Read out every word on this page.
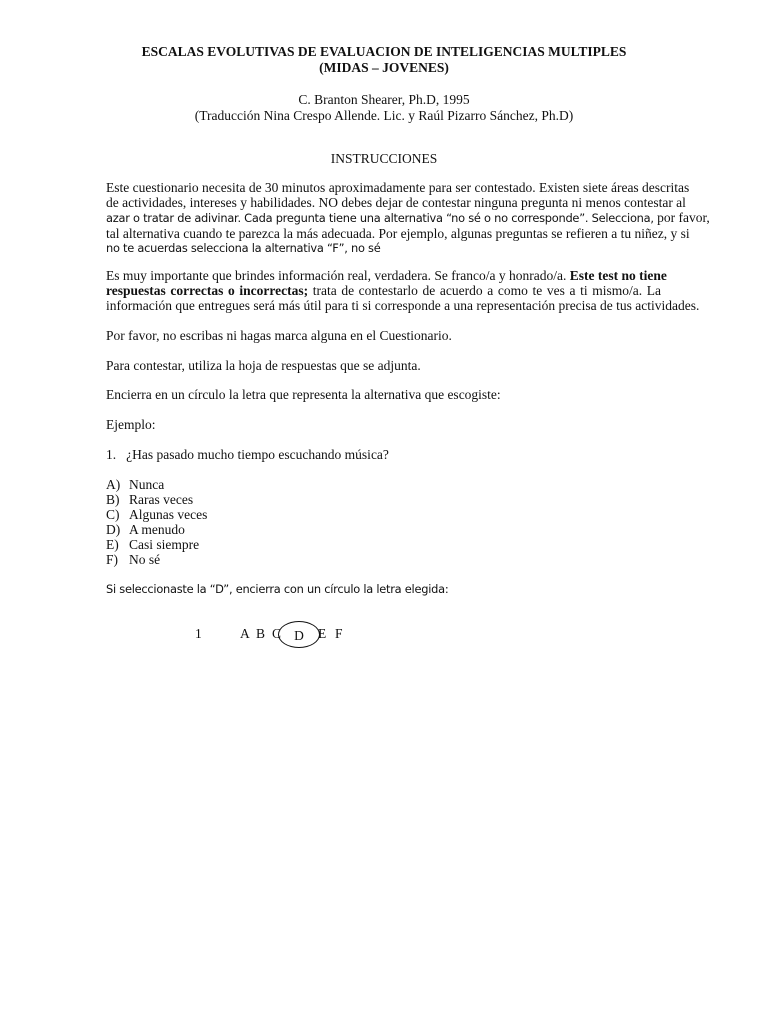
ESCALAS EVOLUTIVAS DE EVALUACION DE INTELIGENCIAS MULTIPLES
(MIDAS – JOVENES)
C. Branton Shearer, Ph.D, 1995
(Traducción Nina Crespo Allende. Lic. y Raúl Pizarro Sánchez, Ph.D)
INSTRUCCIONES
Este cuestionario necesita de 30 minutos aproximadamente para ser contestado. Existen siete áreas descritas
de actividades, intereses y habilidades. NO debes dejar de contestar ninguna pregunta ni menos contestar al
azar o tratar de adivinar. Cada pregunta tiene una alternativa “no sé o no corresponde”. Selecciona, por favor,
tal alternativa cuando te parezca la más adecuada. Por ejemplo, algunas preguntas se refieren a tu niñez, y si
no te acuerdas selecciona la alternativa “F”, no sé
Es muy importante que brindes información real, verdadera. Se franco/a y honrado/a. Este test no tiene
respuestas correctas o incorrectas; trata de contestarlo de acuerdo a como te ves a ti mismo/a. La
información que entregues será más útil para ti si corresponde a una representación precisa de tus actividades.
Por favor, no escribas ni hagas marca alguna en el Cuestionario.
Para contestar, utiliza la hoja de respuestas que se adjunta.
Encierra en un círculo la letra que representa la alternativa que escogiste:
Ejemplo:
1. ¿Has pasado mucho tiempo escuchando música?
A) Nunca
B) Raras veces
C) Algunas veces
D) A menudo
E) Casi siempre
F) No sé
Si seleccionaste la “D”, encierra con un círculo la letra elegida:
1	A B C	E F
D
